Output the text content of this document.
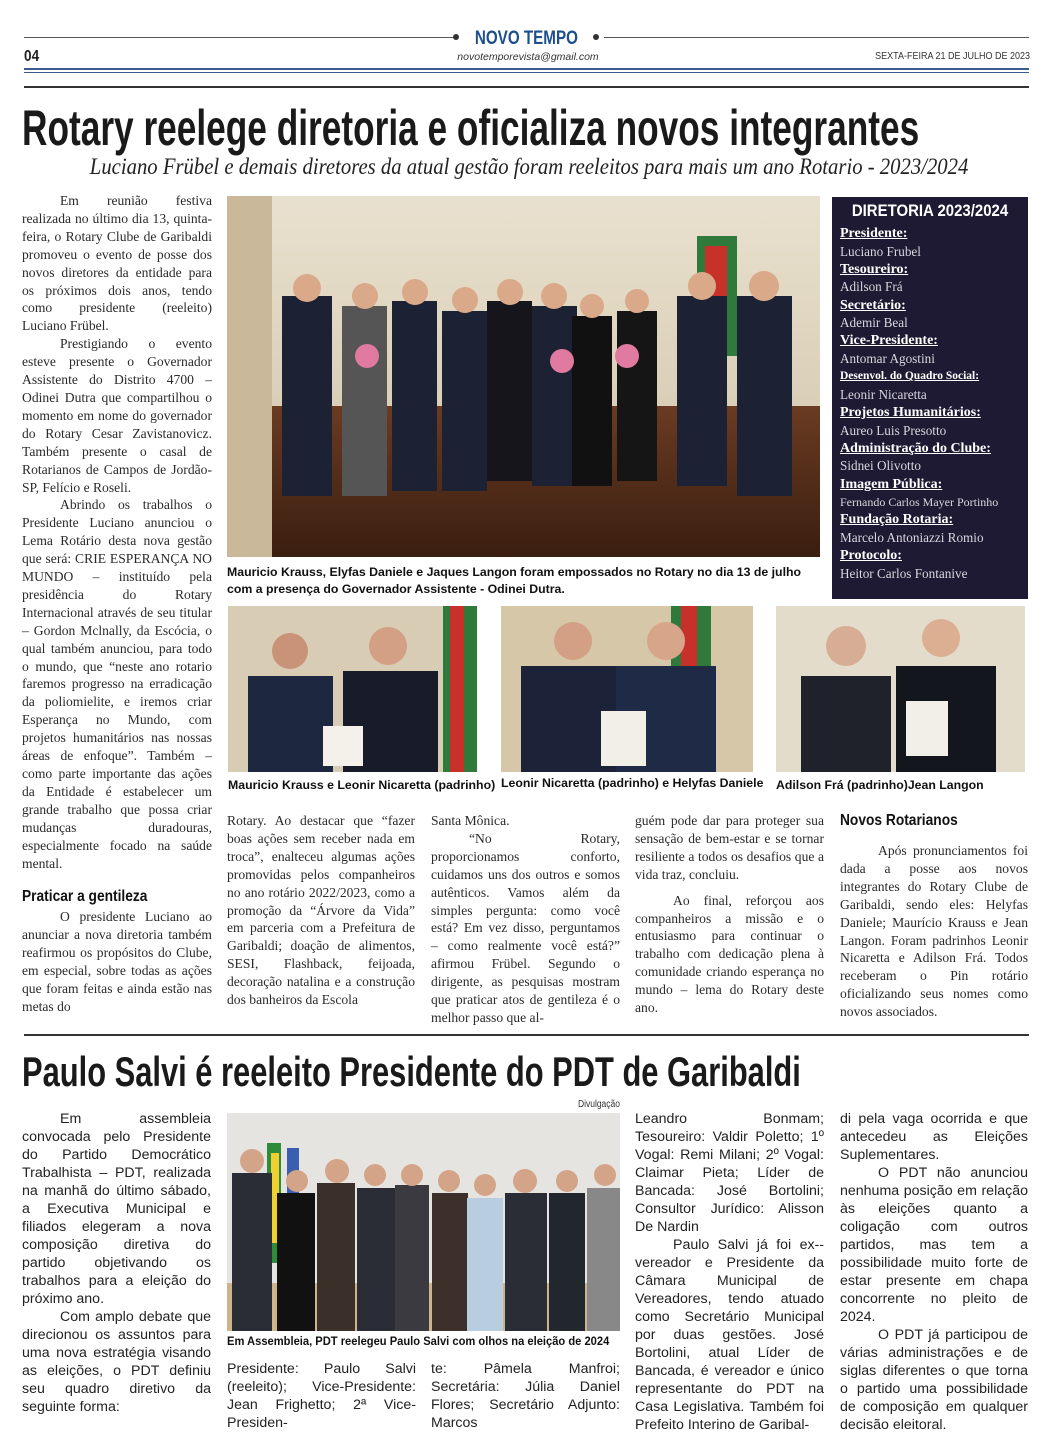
NOVO TEMPO
04	novotemporevista@gmail.com	SEXTA-FEIRA 21 DE JULHO DE 2023
Rotary reelege diretoria e oficializa novos integrantes
Luciano Frübel e demais diretores da atual gestão foram reeleitos para mais um ano Rotario - 2023/2024

Em reunião festiva realizada no último dia 13, quinta-feira, o Rotary Clube de Garibaldi promoveu o evento de posse dos novos diretores da entidade para os próximos dois anos, tendo como presidente (reeleito) Luciano Frübel.

Prestigiando o evento esteve presente o Governador Assistente do Distrito 4700 – Odinei Dutra que compartilhou o momento em nome do governador do Rotary Cesar Zavistanovicz. Também presente o casal de Rotarianos de Campos de Jordão-SP, Felício e Roseli.

Abrindo os trabalhos o Presidente Luciano anunciou o Lema Rotário desta nova gestão que será: CRIE ESPERANÇA NO MUNDO – instituído pela presidência do Rotary Internacional através de seu titular – Gordon Mclnally, da Escócia, o qual também anunciou, para todo o mundo, que “neste ano rotario faremos progresso na erradicação da poliomielite, e iremos criar Esperança no Mundo, com projetos humanitários nas nossas áreas de enfoque”. Também – como parte importante das ações da Entidade é estabelecer um grande trabalho que possa criar mudanças duradouras, especialmente focado na saúde mental.

Praticar a gentileza

O presidente Luciano ao anunciar a nova diretoria também reafirmou os propósitos do Clube, em especial, sobre todas as ações que foram feitas e ainda estão nas metas do

Mauricio Krauss, Elyfas Daniele e Jaques Langon foram empossados no Rotary no dia 13 de julho com a presença do Governador Assistente - Odinei Dutra.
DIRETORIA 2023/2024
Presidente:
Luciano Frubel
Tesoureiro:
Adilson Frá
Secretário:
Ademir Beal
Vice-Presidente:
Antomar Agostini
Desenvol. do Quadro Social:
Leonir Nicaretta
Projetos Humanitários:
Aureo Luis Presotto
Administração do Clube:
Sidnei Olivotto
Imagem Pública:
Fernando Carlos Mayer Portinho
Fundação Rotaria:
Marcelo Antoniazzi Romio
Protocolo:
Heitor Carlos Fontanive
Mauricio Krauss e Leonir Nicaretta (padrinho) Leonir Nicaretta (padrinho) e Helyfas Daniele Adilson Frá (padrinho)Jean Langon

Rotary. Ao destacar que “fazer boas ações sem receber nada em troca”, enalteceu algumas ações promovidas pelos companheiros no ano rotário 2022/2023, como a promoção da “Árvore da Vida” em parceria com a Prefeitura de Garibaldi; doação de alimentos, SESI, Flashback, feijoada, decoração natalina e a construção dos banheiros da Escola

Santa Mônica.

“No Rotary, proporcionamos conforto, cuidamos uns dos outros e somos autênticos. Vamos além da simples pergunta: como você está? Em vez disso, perguntamos – como realmente você está?” afirmou Frübel. Segundo o dirigente, as pesquisas mostram que praticar atos de gentileza é o melhor passo que al-

guém pode dar para proteger sua sensação de bem-estar e se tornar resiliente a todos os desafios que a vida traz, concluiu.

Ao final, reforçou aos companheiros a missão e o entusiasmo para continuar o trabalho com dedicação plena à comunidade criando esperança no mundo – lema do Rotary deste ano.

Novos Rotarianos

Após pronunciamentos foi dada a posse aos novos integrantes do Rotary Clube de Garibaldi, sendo eles: Helyfas Daniele; Maurício Krauss e Jean Langon. Foram padrinhos Leonir Nicaretta e Adilson Frá. Todos receberam o Pin rotário oficializando seus nomes como novos associados.

Paulo Salvi é reeleito Presidente do PDT de Garibaldi

Em assembleia convocada pelo Presidente do Partido Democrático Trabalhista – PDT, realizada na manhã do último sábado, a Executiva Municipal e filiados elegeram a nova composição diretiva do partido objetivando os trabalhos para a eleição do próximo ano.

Com amplo debate que direcionou os assuntos para uma nova estratégia visando as eleições, o PDT definiu seu quadro diretivo da seguinte forma:

Divulgação
Em Assembleia, PDT reelegeu Paulo Salvi com olhos na eleição de 2024

Presidente: Paulo Salvi (reeleito); Vice-Presidente: Jean Frighetto; 2ª Vice-Presiden-

te: Pâmela Manfroi; Secretária: Júlia Daniel Flores; Secretário Adjunto: Marcos

Leandro Bonmam; Tesoureiro: Valdir Poletto; 1º Vogal: Remi Milani; 2º Vogal: Claimar Pieta; Líder de Bancada: José Bortolini; Consultor Jurídico: Alisson De Nardin

Paulo Salvi já foi ex--vereador e Presidente da Câmara Municipal de Vereadores, tendo atuado como Secretário Municipal por duas gestões. José Bortolini, atual Líder de Bancada, é vereador e único representante do PDT na Casa Legislativa. Também foi Prefeito Interino de Garibal-

di pela vaga ocorrida e que antecedeu as Eleições Suplementares.

O PDT não anunciou nenhuma posição em relação às eleições quanto a coligação com outros partidos, mas tem a possibilidade muito forte de estar presente em chapa concorrente no pleito de 2024.

O PDT já participou de várias administrações e de siglas diferentes o que torna o partido uma possibilidade de composição em qualquer decisão eleitoral.
